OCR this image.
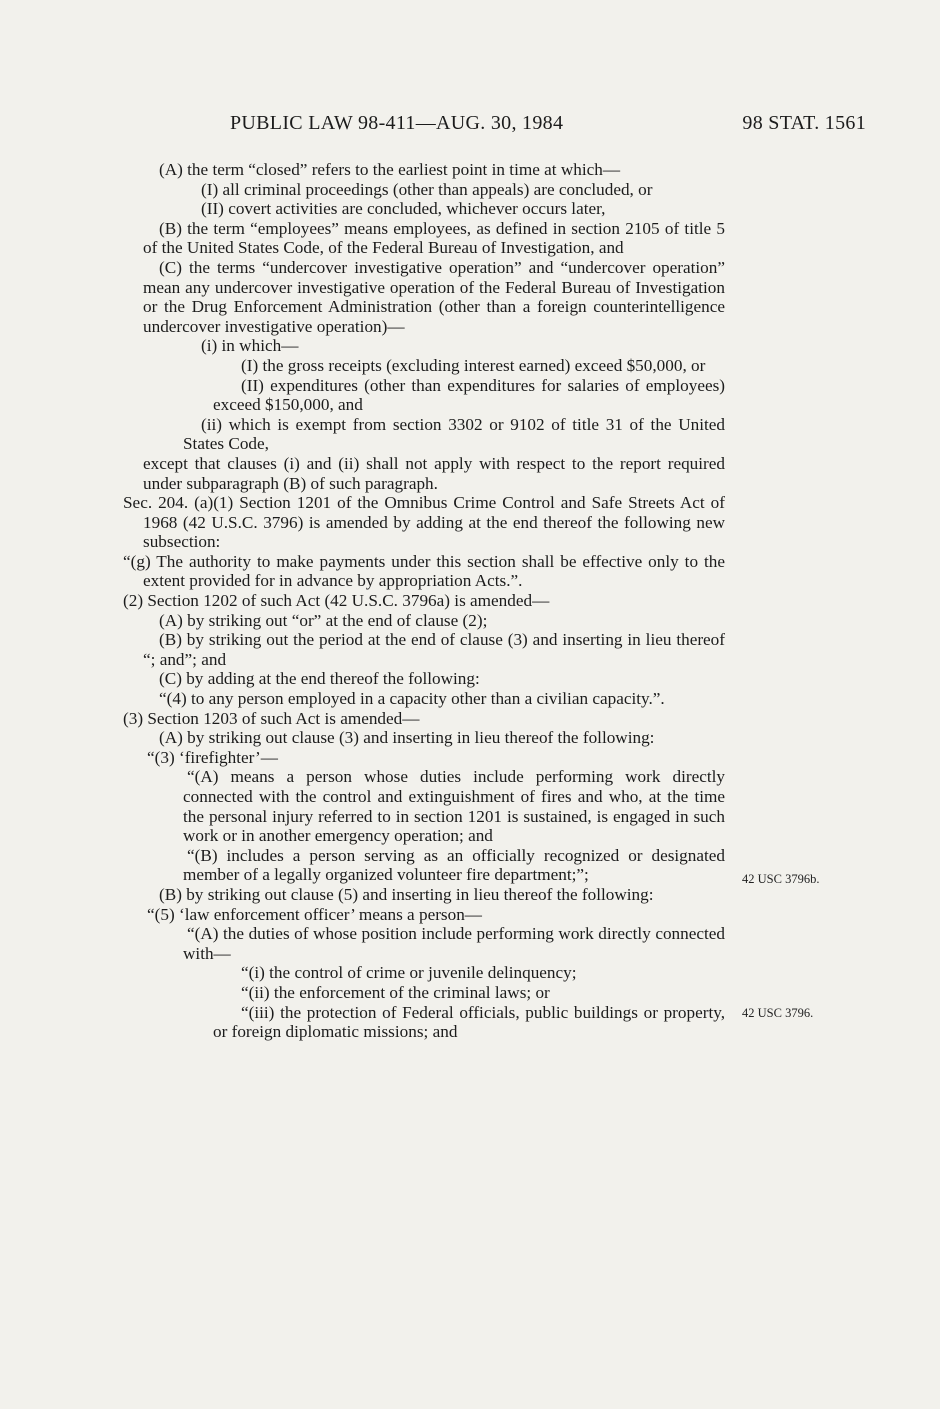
PUBLIC LAW 98-411—AUG. 30, 1984	98 STAT. 1561

(A) the term “closed” refers to the earliest point in time at which—

(I) all criminal proceedings (other than appeals) are concluded, or

(II) covert activities are concluded, whichever occurs later,

(B) the term “employees” means employees, as defined in section 2105 of title 5 of the United States Code, of the Federal Bureau of Investigation, and

(C) the terms “undercover investigative operation” and “undercover operation” mean any undercover investigative operation of the Federal Bureau of Investigation or the Drug Enforcement Administration (other than a foreign counterintelligence undercover investigative operation)—

(i) in which—

(I) the gross receipts (excluding interest earned) exceed $50,000, or

(II) expenditures (other than expenditures for salaries of employees) exceed $150,000, and

(ii) which is exempt from section 3302 or 9102 of title 31 of the United States Code,

except that clauses (i) and (ii) shall not apply with respect to the report required under subparagraph (B) of such paragraph.

Sec. 204. (a)(1) Section 1201 of the Omnibus Crime Control and Safe Streets Act of 1968 (42 U.S.C. 3796) is amended by adding at the end thereof the following new subsection:

“(g) The authority to make payments under this section shall be effective only to the extent provided for in advance by appropriation Acts.”.

(2) Section 1202 of such Act (42 U.S.C. 3796a) is amended—

(A) by striking out “or” at the end of clause (2);

(B) by striking out the period at the end of clause (3) and inserting in lieu thereof “; and”; and

(C) by adding at the end thereof the following:

“(4) to any person employed in a capacity other than a civilian capacity.”.

(3) Section 1203 of such Act is amended—

(A) by striking out clause (3) and inserting in lieu thereof the following:

“(3) ‘firefighter’—

“(A) means a person whose duties include performing work directly connected with the control and extinguishment of fires and who, at the time the personal injury referred to in section 1201 is sustained, is engaged in such work or in another emergency operation; and

“(B) includes a person serving as an officially recognized or designated member of a legally organized volunteer fire department;”;

(B) by striking out clause (5) and inserting in lieu thereof the following:

“(5) ‘law enforcement officer’ means a person—

“(A) the duties of whose position include performing work directly connected with—

“(i) the control of crime or juvenile delinquency;

“(ii) the enforcement of the criminal laws; or

“(iii) the protection of Federal officials, public buildings or property, or foreign diplomatic missions; and

42 USC 3796b.
42 USC 3796.
